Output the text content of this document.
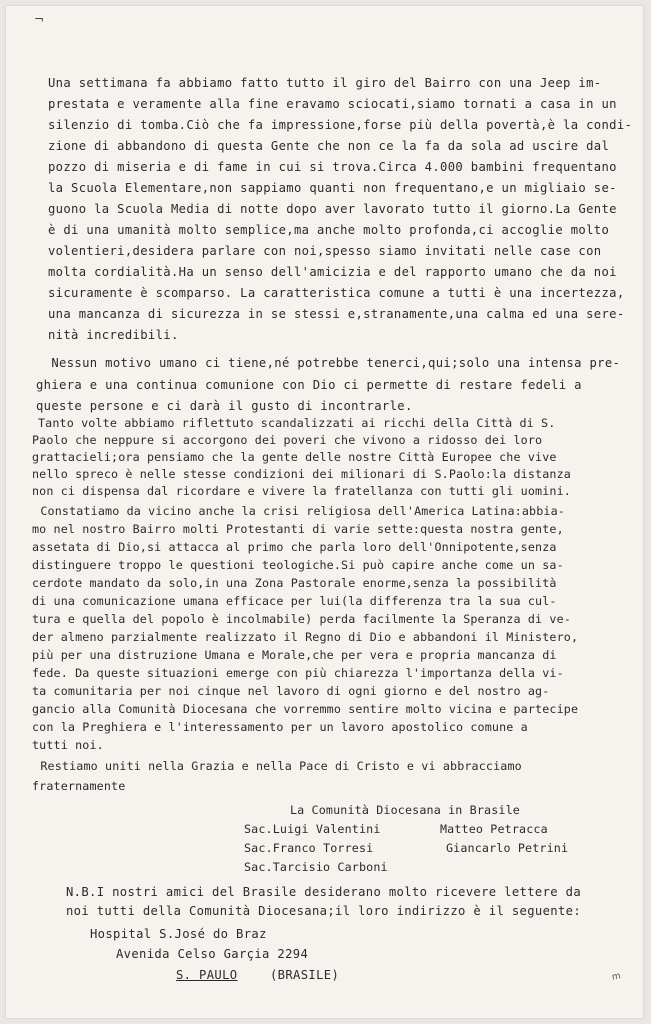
¬
Una settimana fa abbiamo fatto tutto il giro del Bairro con una Jeep im-
prestata e veramente alla fine eravamo sciocati,siamo tornati a casa in un
silenzio di tomba.Ciò che fa impressione,forse più della povertà,è la condi-
zione di abbandono di questa Gente che non ce la fa da sola ad uscire dal
pozzo di miseria e di fame in cui si trova.Circa 4.000 bambini frequentano
la Scuola Elementare,non sappiamo quanti non frequentano,e un migliaio se-
guono la Scuola Media di notte dopo aver lavorato tutto il giorno.La Gente
è di una umanità molto semplice,ma anche molto profonda,ci accoglie molto
volentieri,desidera parlare con noi,spesso siamo invitati nelle case con
molta cordialità.Ha un senso dell'amicizia e del rapporto umano che da noi
sicuramente è scomparso. La caratteristica comune a tutti è una incertezza,
una mancanza di sicurezza in se stessi e,stranamente,una calma ed una sere-
nità incredibili.
Nessun motivo umano ci tiene,né potrebbe tenerci,qui;solo una intensa pre-
ghiera e una continua comunione con Dio ci permette di restare fedeli a
queste persone e ci darà il gusto di incontrarle.
Tanto volte abbiamo riflettuto scandalizzati ai ricchi della Città di S.
Paolo che neppure si accorgono dei poveri che vivono a ridosso dei loro
grattacieli;ora pensiamo che la gente delle nostre Città Europee che vive
nello spreco è nelle stesse condizioni dei milionari di S.Paolo:la distanza
non ci dispensa dal ricordare e vivere la fratellanza con tutti gli uomini.
Constatiamo da vicino anche la crisi religiosa dell'America Latina:abbia-
mo nel nostro Bairro molti Protestanti di varie sette:questa nostra gente,
assetata di Dio,si attacca al primo che parla loro dell'Onnipotente,senza
distinguere troppo le questioni teologiche.Si può capire anche come un sa-
cerdote mandato da solo,in una Zona Pastorale enorme,senza la possibilità
di una comunicazione umana efficace per lui(la differenza tra la sua cul-
tura e quella del popolo è incolmabile) perda facilmente la Speranza di ve-
der almeno parzialmente realizzato il Regno di Dio e abbandoni il Ministero,
più per una distruzione Umana e Morale,che per vera e propria mancanza di
fede. Da queste situazioni emerge con più chiarezza l'importanza della vi-
ta comunitaria per noi cinque nel lavoro di ogni giorno e del nostro ag-
gancio alla Comunità Diocesana che vorremmo sentire molto vicina e partecipe
con la Preghiera e l'interessamento per un lavoro apostolico comune a
tutti noi.
Restiamo uniti nella Grazia e nella Pace di Cristo e vi abbracciamo
fraternamente
La Comunità Diocesana in Brasile
Sac.Luigi Valentini
Sac.Franco Torresi
Sac.Tarcisio Carboni
Matteo Petracca
Giancarlo Petrini
N.B.I nostri amici del Brasile desiderano molto ricevere lettere da
noi tutti della Comunità Diocesana;il loro indirizzo è il seguente:
Hospital S.José do Braz
Avenida Celso Garçia 2294
S. PAULO	(BRASILE)	m
